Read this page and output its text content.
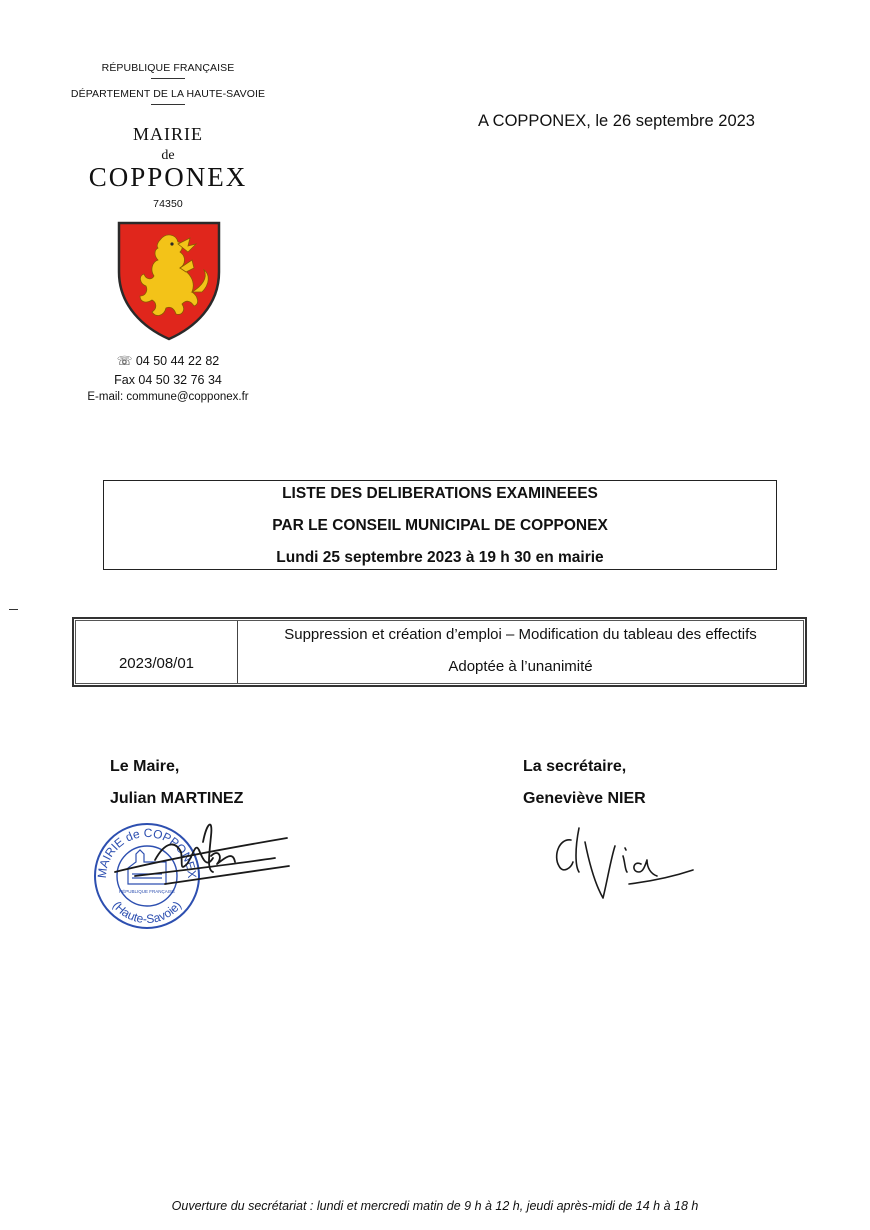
RÉPUBLIQUE FRANÇAISE
DÉPARTEMENT DE LA HAUTE-SAVOIE
MAIRIE
de
COPPONEX
74350
☏ 04 50 44 22 82
Fax 04 50 32 76 34
E-mail: commune@copponex.fr
A COPPONEX, le 26 septembre 2023
LISTE DES DELIBERATIONS EXAMINEEES
PAR LE CONSEIL MUNICIPAL DE COPPONEX
Lundi 25 septembre 2023 à 19 h 30 en mairie
2023/08/01
Suppression et création d’emploi – Modification du tableau des effectifs
Adoptée à l’unanimité
Le Maire,
Julian MARTINEZ
La secrétaire,
Geneviève NIER
MAIRIE de COPPONEX
(Haute-Savoie)
RÉPUBLIQUE FRANÇAISE
Ouverture du secrétariat : lundi et mercredi matin de 9 h à 12 h, jeudi après-midi de 14 h à 18 h
